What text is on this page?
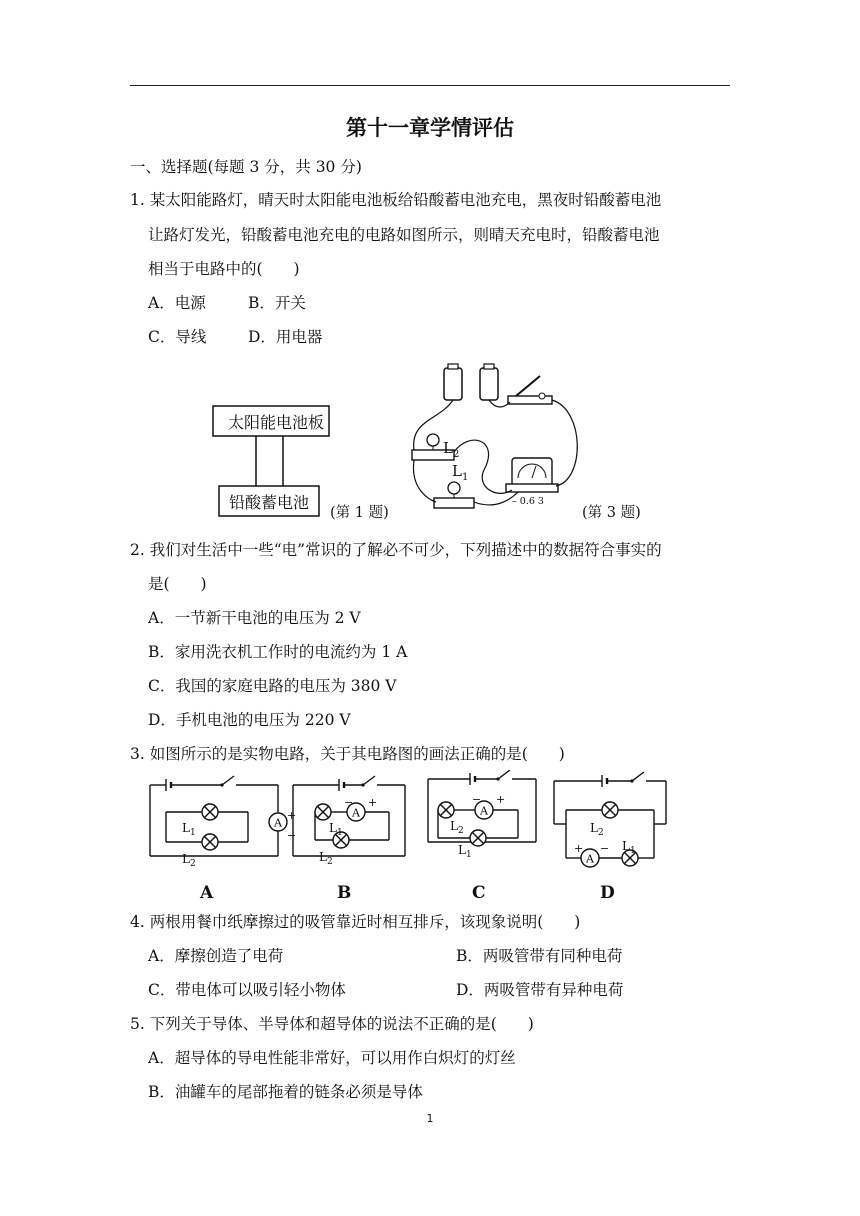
第十一章学情评估
一、选择题(每题 3 分，共 30 分)
1. 某太阳能路灯，晴天时太阳能电池板给铅酸蓄电池充电，黑夜时铅酸蓄电池
让路灯发光，铅酸蓄电池充电的电路如图所示，则晴天充电时，铅酸蓄电池
相当于电路中的(　　)
A．电源	B．开关
C．导线	D．用电器
太阳能电池板
铅酸蓄电池
(第 1 题)
$L_2$
$L_1$
– 0.6 3
(第 3 题)
2. 我们对生活中一些“电”常识的了解必不可少，下列描述中的数据符合事实的
是(　　)
A．一节新干电池的电压为 2 V
B．家用洗衣机工作时的电流约为 1 A
C．我国的家庭电路的电压为 380 V
D．手机电池的电压为 220 V
3. 如图所示的是实物电路，关于其电路图的画法正确的是(　　)
A
+
−
$L_1$
$L_2$
A
A
− +
$L_1$
$L_2$
B
A
− +
$L_2$
$L_1$
C
A
+ −
$L_2$
$L_1$
D
4. 两根用餐巾纸摩擦过的吸管靠近时相互排斥，该现象说明(　　)
A．摩擦创造了电荷	B．两吸管带有同种电荷
C．带电体可以吸引轻小物体	D．两吸管带有异种电荷
5. 下列关于导体、半导体和超导体的说法不正确的是(　　)
A．超导体的导电性能非常好，可以用作白炽灯的灯丝
B．油罐车的尾部拖着的链条必须是导体
1
